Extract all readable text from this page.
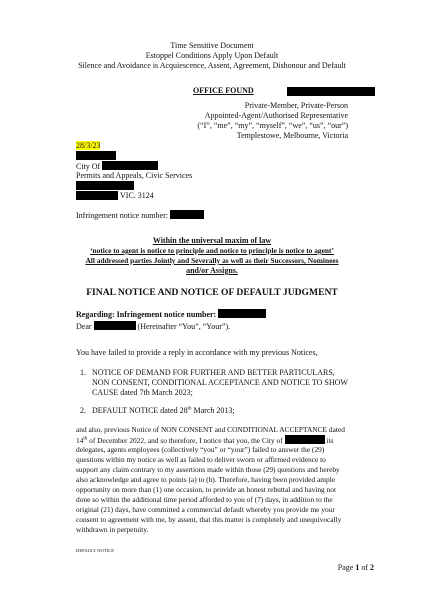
Time Sensitive Document
Estoppel Conditions Apply Upon Default
Silence and Avoidance is Acquiescence, Assent, Agreement, Dishonour and Default
OFFICE FOUND
Private-Member, Private-Person
Appointed-Agent/Authorised Representative
(“I”, “me”, “my”, “myself”, “we”, “us”, “our”)
Templestowe, Melbourne, Victoria
28/3/23
City Of
Permits and Appeals, Civic Services
VIC. 3124
Infringement notice number:
Within the universal maxim of law
‘notice to agent is notice to principle and notice to principle is notice to agent’
All addressed parties Jointly and Severally as well as their Successors, Nominees
and/or Assigns.
FINAL NOTICE AND NOTICE OF DEFAULT JUDGMENT
Regarding: Infringement notice number:
Dear	(Hereinafter “You”, “Your”).
You have failed to provide a reply in accordance with my previous Notices,
1. NOTICE OF DEMAND FOR FURTHER AND BETTER PARTICULARS,
NON CONSENT, CONDITIONAL ACCEPTANCE AND NOTICE TO SHOW
CAUSE dated 7th March 2023;
2. DEFAULT NOTICE dated 28th March 2013;
and also, previous Notice of NON CONSENT and CONDITIONAL ACCEPTANCE dated
14th of December 2022, and so therefore, I notice that you, the City of	its
delegates, agents employees (collectively “you” or “your”) failed to answer the (29)
questions within my notice as well as failed to deliver sworn or affirmed evidence to
support any claim contrary to my assertions made within those (29) questions and hereby
also acknowledge and agree to points (a) to (h). Therefore, having been provided ample
opportunity on more than (1) one occasion, to provide an honest rebuttal and having not
done so within the additional time period afforded to you of (7) days, in addition to the
original (21) days, have committed a commercial default whereby you provide me your
consent to agreement with me, by assent, that this matter is completely and unequivocally
withdrawn in perpetuity.
DEFAULT NOTICE
Page 1 of 2
